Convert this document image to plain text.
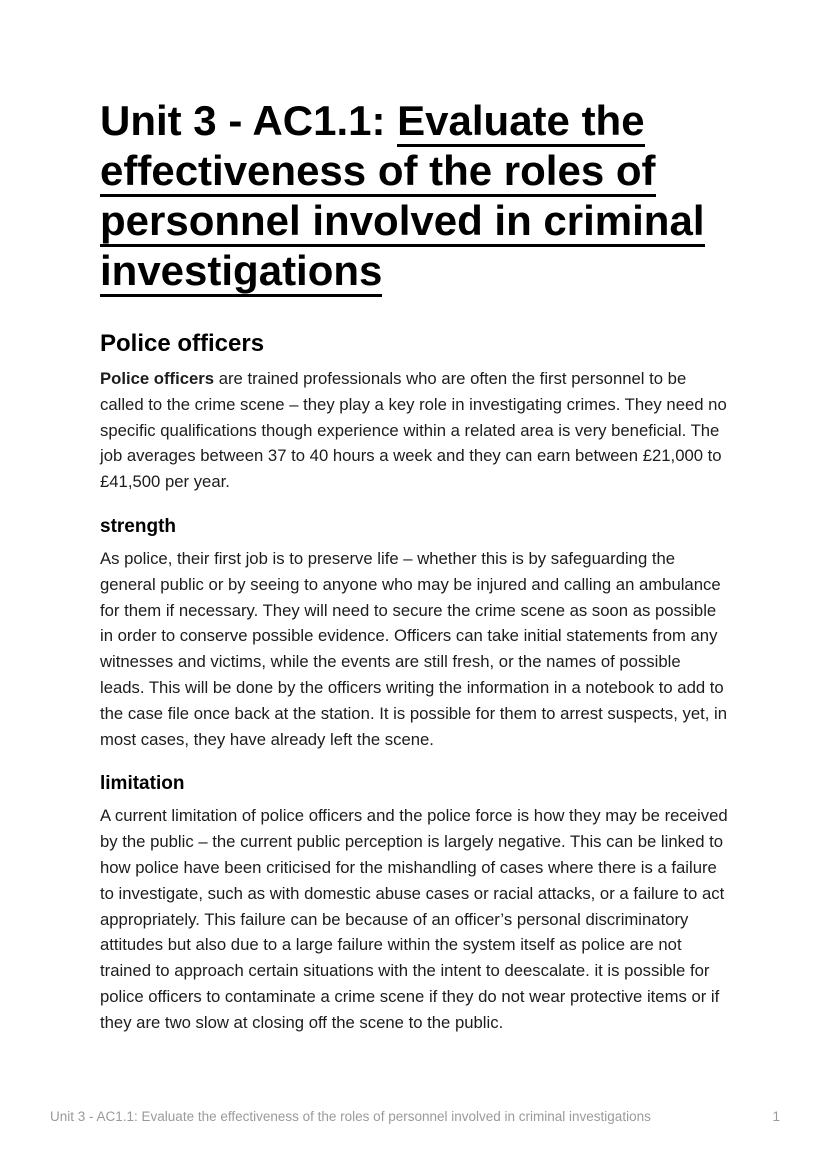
Unit 3 - AC1.1: Evaluate the effectiveness of the roles of personnel involved in criminal investigations
Police officers

Police officers are trained professionals who are often the first personnel to be called to the crime scene – they play a key role in investigating crimes. They need no specific qualifications though experience within a related area is very beneficial. The job averages between 37 to 40 hours a week and they can earn between £21,000 to £41,500 per year.

strength

As police, their first job is to preserve life – whether this is by safeguarding the general public or by seeing to anyone who may be injured and calling an ambulance for them if necessary. They will need to secure the crime scene as soon as possible in order to conserve possible evidence. Officers can take initial statements from any witnesses and victims, while the events are still fresh, or the names of possible leads. This will be done by the officers writing the information in a notebook to add to the case file once back at the station. It is possible for them to arrest suspects, yet, in most cases, they have already left the scene.

limitation

A current limitation of police officers and the police force is how they may be received by the public – the current public perception is largely negative. This can be linked to how police have been criticised for the mishandling of cases where there is a failure to investigate, such as with domestic abuse cases or racial attacks, or a failure to act appropriately. This failure can be because of an officer’s personal discriminatory attitudes but also due to a large failure within the system itself as police are not trained to approach certain situations with the intent to deescalate. it is possible for police officers to contaminate a crime scene if they do not wear protective items or if they are two slow at closing off the scene to the public.

Unit 3 - AC1.1: Evaluate the effectiveness of the roles of personnel involved in criminal investigations	1
